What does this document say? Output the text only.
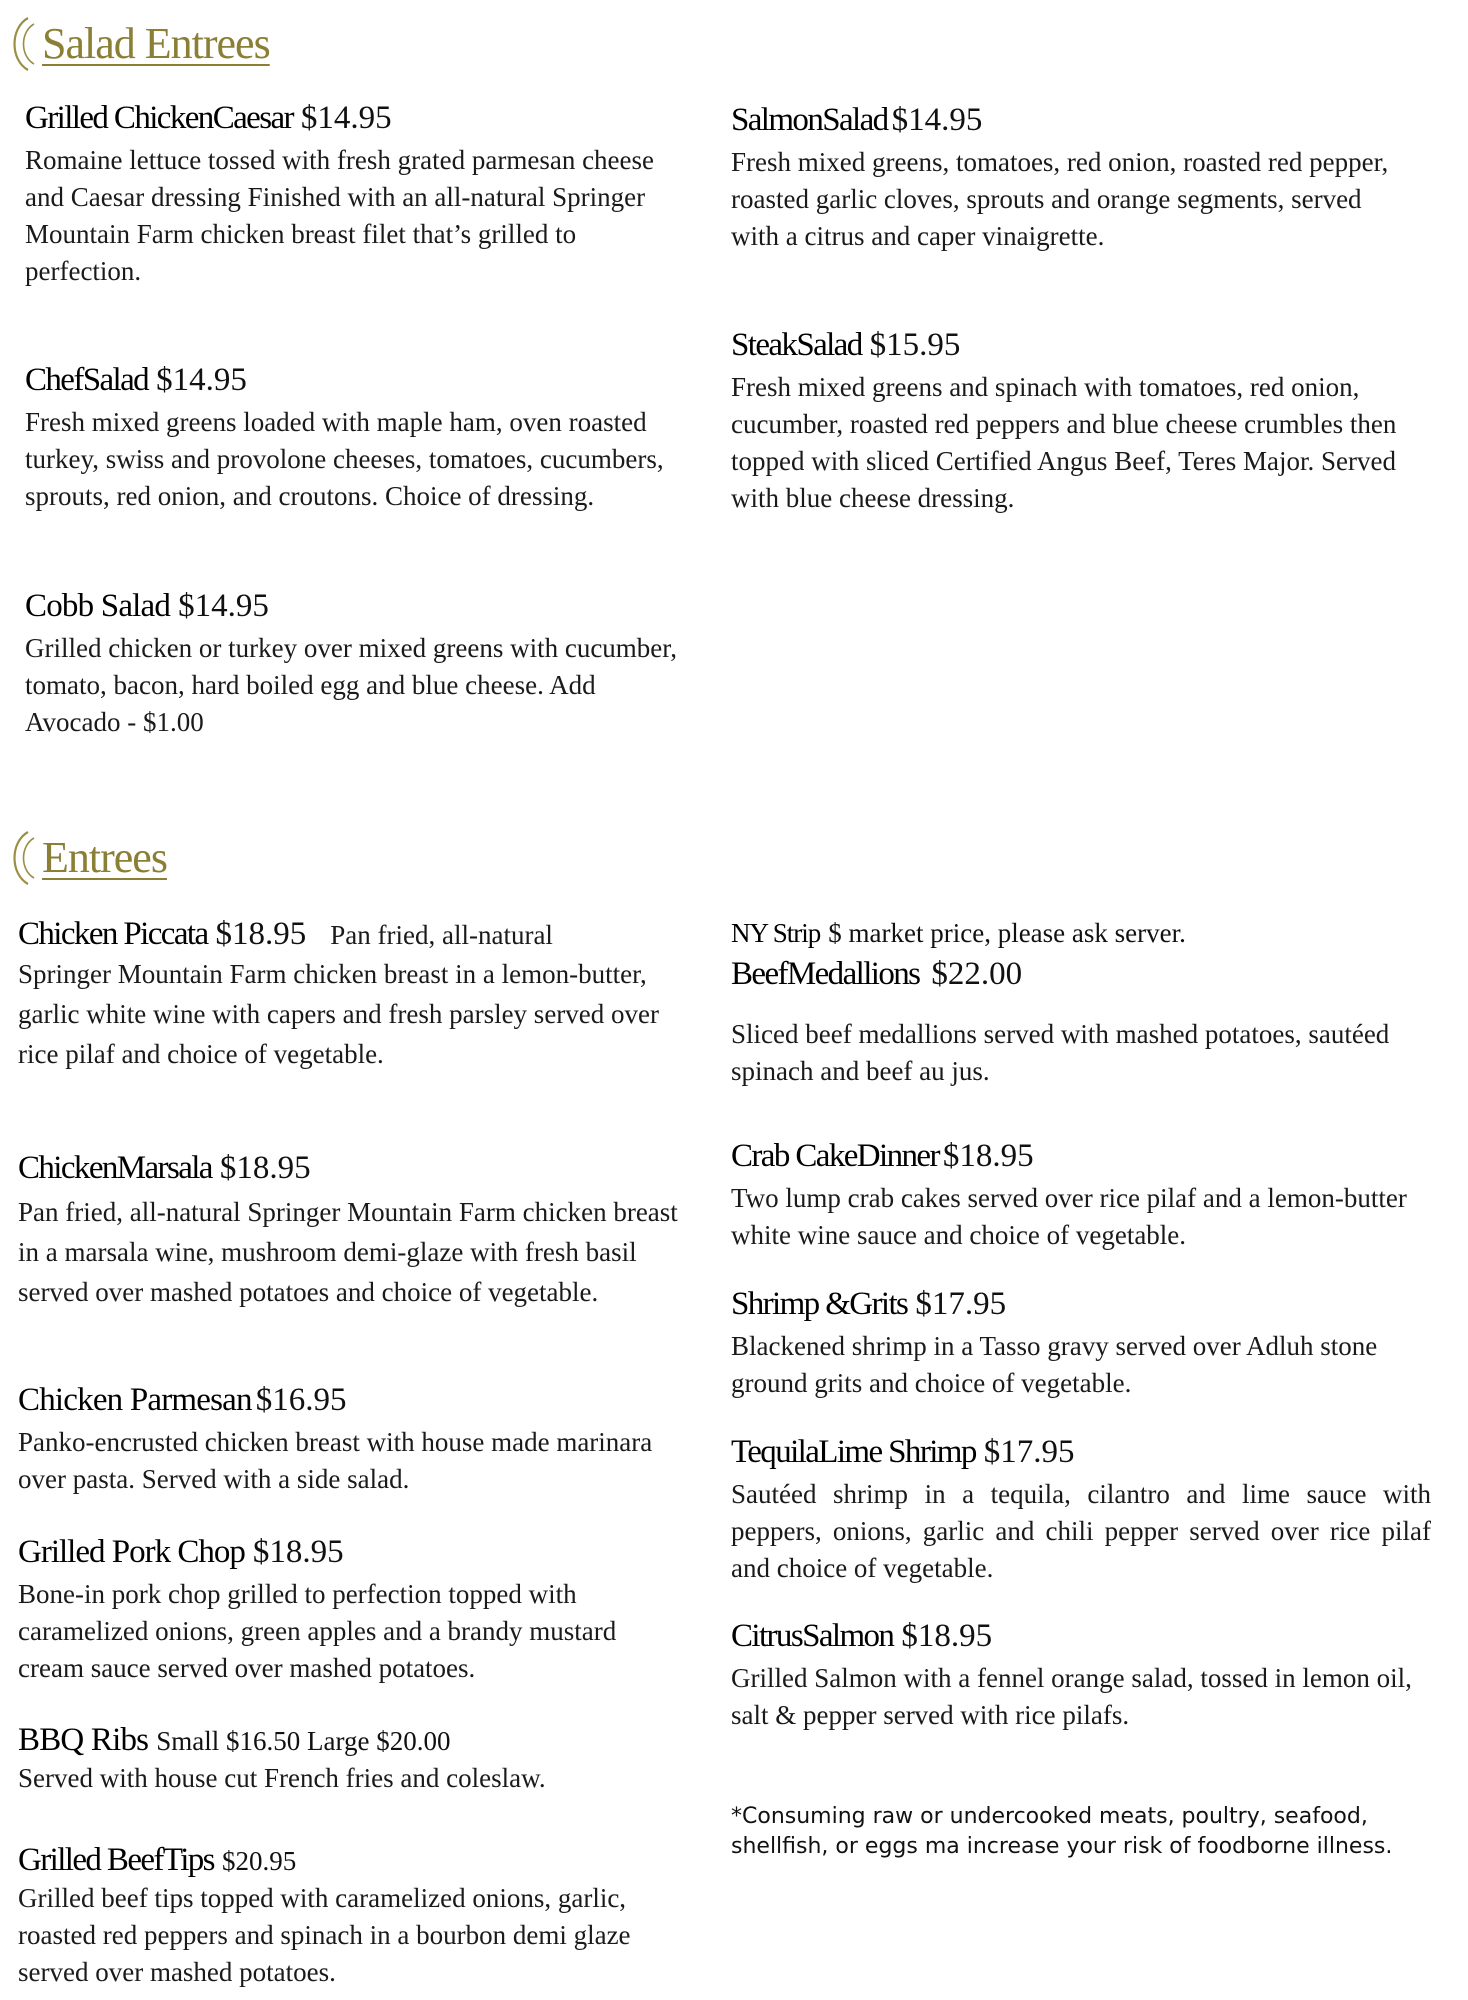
Salad Entrees
Grilled ChickenCaesar $14.95
Romaine lettuce tossed with fresh grated parmesan cheese and Caesar dressing Finished with an all-natural Springer Mountain Farm chicken breast filet that’s grilled to perfection.
ChefSalad $14.95
Fresh mixed greens loaded with maple ham, oven roasted turkey, swiss and provolone cheeses, tomatoes, cucumbers, sprouts, red onion, and croutons. Choice of dressing.
Cobb Salad $14.95
Grilled chicken or turkey over mixed greens with cucumber, tomato, bacon, hard boiled egg and blue cheese. Add Avocado - $1.00
SalmonSalad $14.95
Fresh mixed greens, tomatoes, red onion, roasted red pepper, roasted garlic cloves, sprouts and orange segments, served with a citrus and caper vinaigrette.
SteakSalad $15.95
Fresh mixed greens and spinach with tomatoes, red onion, cucumber, roasted red peppers and blue cheese crumbles then topped with sliced Certified Angus Beef, Teres Major. Served with blue cheese dressing.
Entrees
Chicken Piccata $18.95 Pan fried, all-natural
Springer Mountain Farm chicken breast in a lemon-butter, garlic white wine with capers and fresh parsley served over rice pilaf and choice of vegetable.
ChickenMarsala $18.95
Pan fried, all-natural Springer Mountain Farm chicken breast in a marsala wine, mushroom demi-glaze with fresh basil served over mashed potatoes and choice of vegetable.
Chicken Parmesan $16.95
Panko-encrusted chicken breast with house made marinara over pasta. Served with a side salad.
Grilled Pork Chop $18.95
Bone-in pork chop grilled to perfection topped with caramelized onions, green apples and a brandy mustard cream sauce served over mashed potatoes.
BBQ Ribs Small $16.50 Large $20.00
Served with house cut French fries and coleslaw.
Grilled BeefTips $20.95
Grilled beef tips topped with caramelized onions, garlic, roasted red peppers and spinach in a bourbon demi glaze served over mashed potatoes.
NY Strip $ market price, please ask server.
BeefMedallions $22.00
Sliced beef medallions served with mashed potatoes, sautéed spinach and beef au jus.
Crab CakeDinner $18.95
Two lump crab cakes served over rice pilaf and a lemon-butter white wine sauce and choice of vegetable.
Shrimp &Grits $17.95
Blackened shrimp in a Tasso gravy served over Adluh stone ground grits and choice of vegetable.
TequilaLime Shrimp $17.95
Sautéed shrimp in a tequila, cilantro and lime sauce with peppers, onions, garlic and chili pepper served over rice pilaf and choice of vegetable.
CitrusSalmon $18.95
Grilled Salmon with a fennel orange salad, tossed in lemon oil, salt & pepper served with rice pilafs.
*Consuming raw or undercooked meats, poultry, seafood, shellfish, or eggs ma increase your risk of foodborne illness.
